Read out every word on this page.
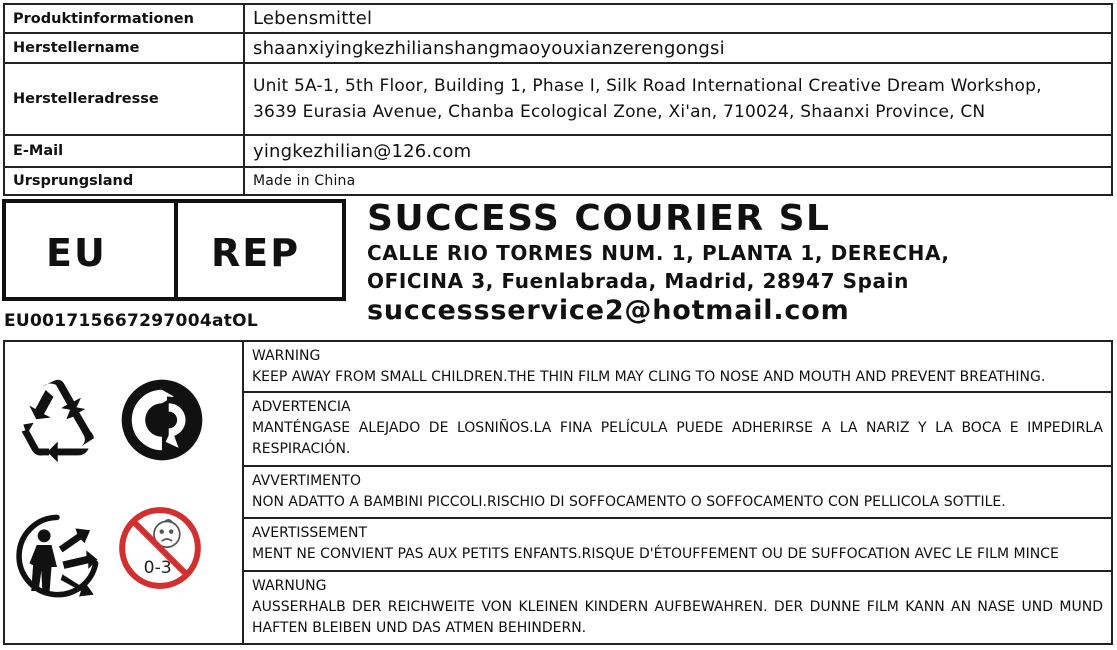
Produktinformationen	Lebensmittel
Herstellername	shaanxiyingkezhilianshangmaoyouxianzerengongsi
Herstelleradresse	Unit 5A-1, 5th Floor, Building 1, Phase I, Silk Road International Creative Dream Workshop,
3639 Eurasia Avenue, Chanba Ecological Zone, Xi'an, 710024, Shaanxi Province, CN

E-Mail	yingkezhilian@126.com
Ursprungsland	Made in China
EU	REP
EU001715667297004atOL
SUCCESS COURIER SL
CALLE RIO TORMES NUM. 1, PLANTA 1, DERECHA,
OFICINA 3, Fuenlabrada, Madrid, 28947 Spain
successservice2@hotmail.com
0-3
WARNING
KEEP AWAY FROM SMALL CHILDREN.THE THIN FILM MAY CLING TO NOSE AND MOUTH AND PREVENT BREATHING.
ADVERTENCIA
MANTÉNGASE ALEJADO DE LOSNIÑOS.LA FINA PELÍCULA PUEDE ADHERIRSE A LA NARIZ Y LA BOCA E IMPEDIRLA RESPIRACIÓN.
AVVERTIMENTO
NON ADATTO A BAMBINI PICCOLI.RISCHIO DI SOFFOCAMENTO O SOFFOCAMENTO CON PELLICOLA SOTTILE.
AVERTISSEMENT
MENT NE CONVIENT PAS AUX PETITS ENFANTS.RISQUE D'ÉTOUFFEMENT OU DE SUFFOCATION AVEC LE FILM MINCE
WARNUNG
AUSSERHALB DER REICHWEITE VON KLEINEN KINDERN AUFBEWAHREN. DER DUNNE FILM KANN AN NASE UND MUND HAFTEN BLEIBEN UND DAS ATMEN BEHINDERN.
